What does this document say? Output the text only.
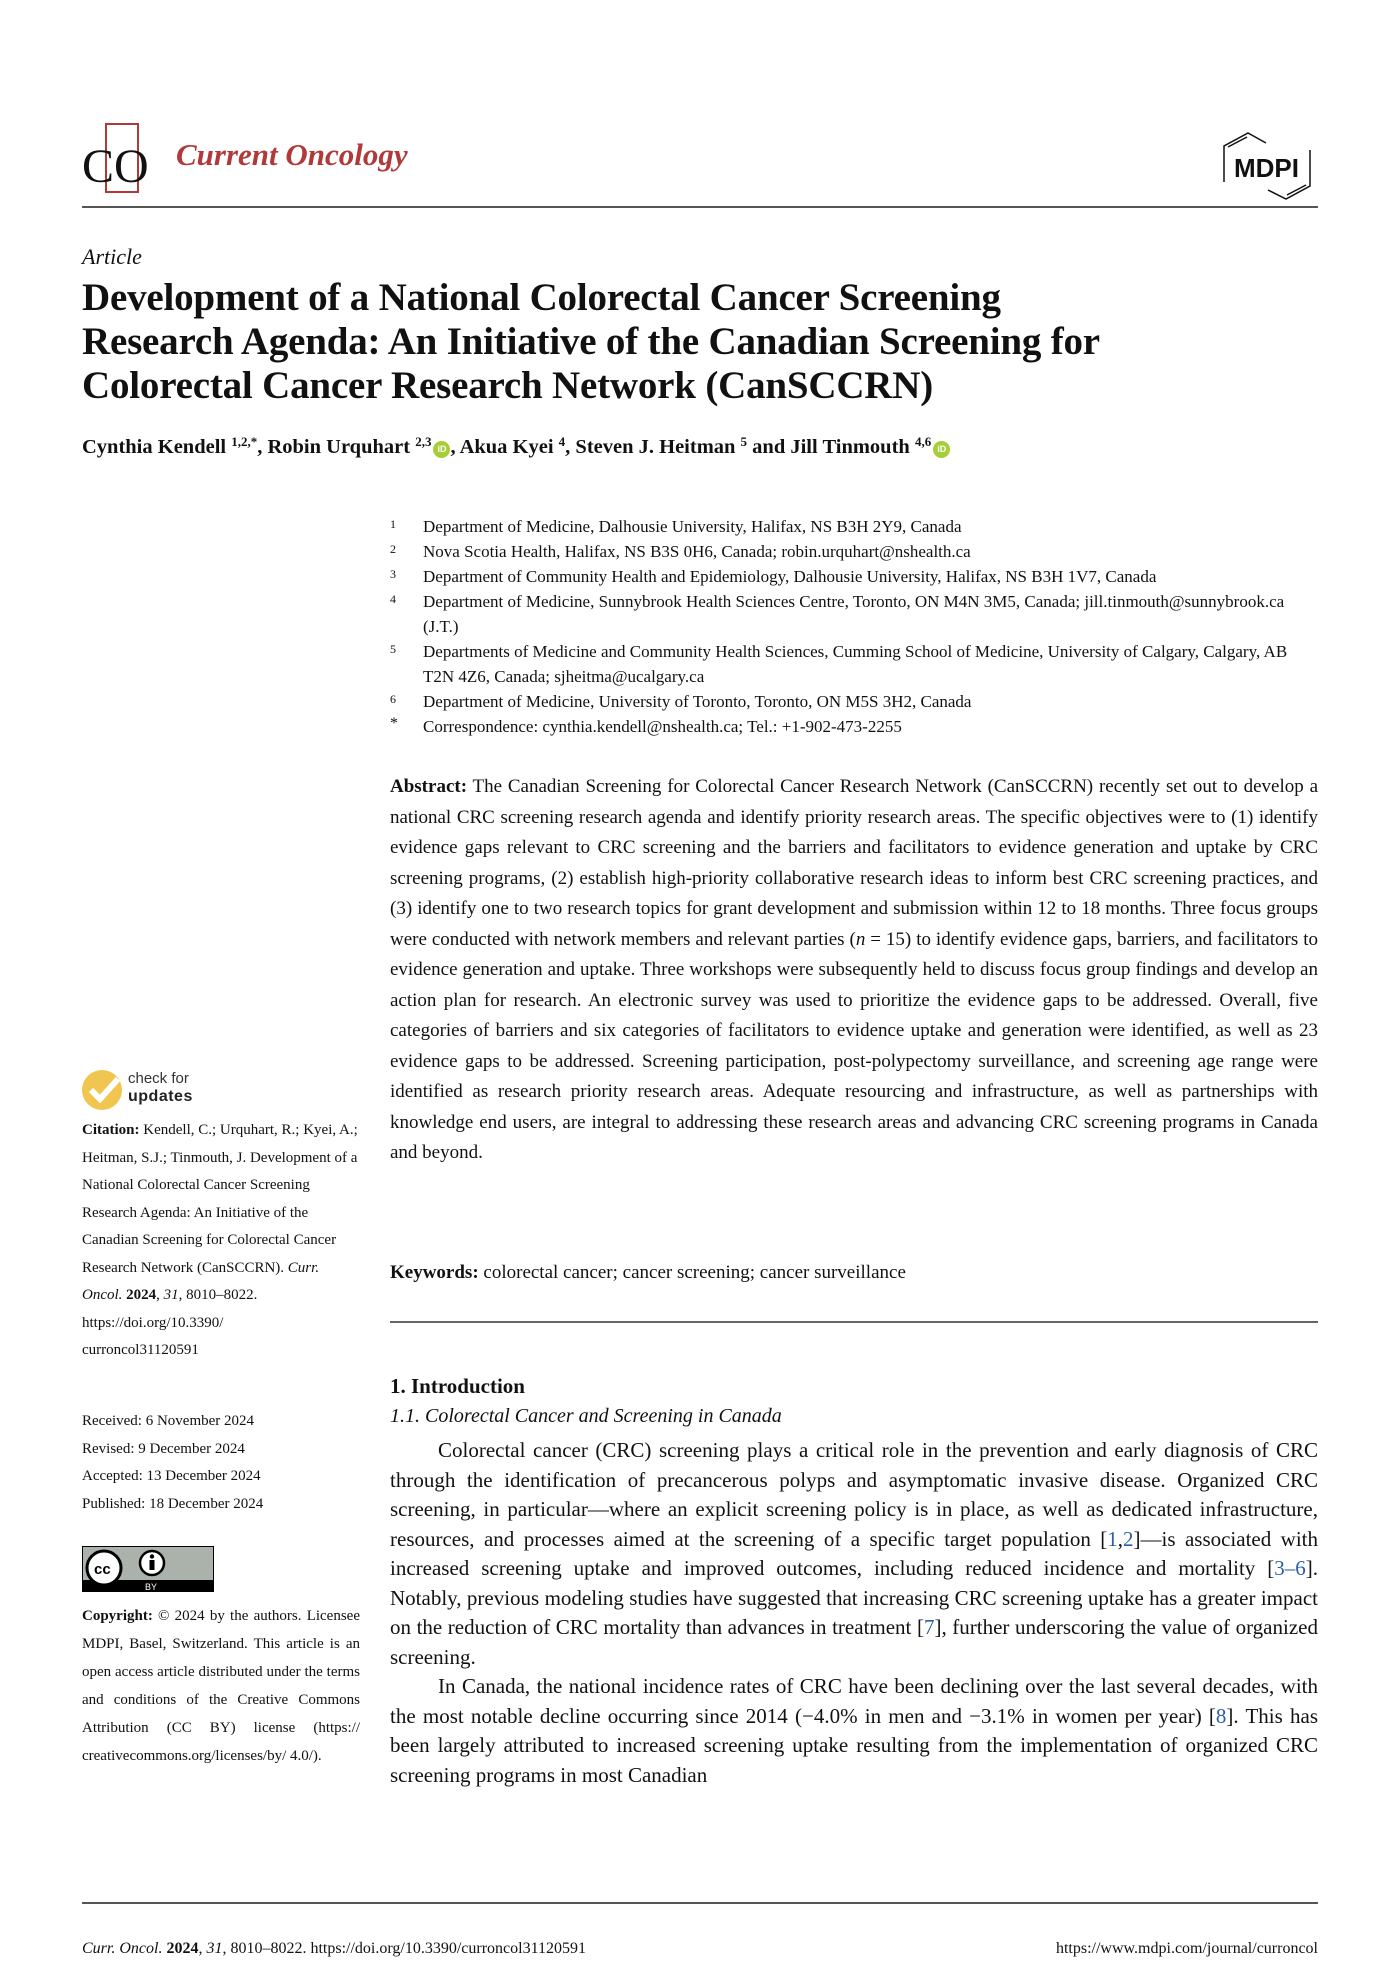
CO Current Oncology	MDPI
Article
Development of a National Colorectal Cancer Screening
Research Agenda: An Initiative of the Canadian Screening for
Colorectal Cancer Research Network (CanSCCRN)
Cynthia Kendell $^{1,2,*}$, Robin Urquhart $^{2,3}$ iD , Akua Kyei $^4$, Steven J. Heitman $^5$ and Jill Tinmouth $^{4,6}$ iD
1	Department of Medicine, Dalhousie University, Halifax, NS B3H 2Y9, Canada
2	Nova Scotia Health, Halifax, NS B3S 0H6, Canada; robin.urquhart@nshealth.ca
3	Department of Community Health and Epidemiology, Dalhousie University, Halifax, NS B3H 1V7, Canada
4	Department of Medicine, Sunnybrook Health Sciences Centre, Toronto, ON M4N 3M5, Canada; jill.tinmouth@sunnybrook.ca (J.T.)
5	Departments of Medicine and Community Health Sciences, Cumming School of Medicine, University of Calgary, Calgary, AB T2N 4Z6, Canada; sjheitma@ucalgary.ca
6	Department of Medicine, University of Toronto, Toronto, ON M5S 3H2, Canada
*	Correspondence: cynthia.kendell@nshealth.ca; Tel.: +1-902-473-2255
Abstract: The Canadian Screening for Colorectal Cancer Research Network (CanSCCRN) recently set out to develop a national CRC screening research agenda and identify priority research areas. The specific objectives were to (1) identify evidence gaps relevant to CRC screening and the barriers and facilitators to evidence generation and uptake by CRC screening programs, (2) establish high-priority collaborative research ideas to inform best CRC screening practices, and (3) identify one to two research topics for grant development and submission within 12 to 18 months. Three focus groups were conducted with network members and relevant parties (n = 15) to identify evidence gaps, barriers, and facilitators to evidence generation and uptake. Three workshops were subsequently held to discuss focus group findings and develop an action plan for research. An electronic survey was used to prioritize the evidence gaps to be addressed. Overall, five categories of barriers and six categories of facilitators to evidence uptake and generation were identified, as well as 23 evidence gaps to be addressed. Screening participation, post-polypectomy surveillance, and screening age range were identified as research priority research areas. Adequate resourcing and infrastructure, as well as partnerships with knowledge end users, are integral to addressing these research areas and advancing CRC screening programs in Canada and beyond.
Keywords: colorectal cancer; cancer screening; cancer surveillance
1. Introduction
1.1. Colorectal Cancer and Screening in Canada

Colorectal cancer (CRC) screening plays a critical role in the prevention and early diagnosis of CRC through the identification of precancerous polyps and asymptomatic invasive disease. Organized CRC screening, in particular—where an explicit screening policy is in place, as well as dedicated infrastructure, resources, and processes aimed at the screening of a specific target population [1,2]—is associated with increased screening uptake and improved outcomes, including reduced incidence and mortality [3–6]. Notably, previous modeling studies have suggested that increasing CRC screening uptake has a greater impact on the reduction of CRC mortality than advances in treatment [7], further underscoring the value of organized screening.

In Canada, the national incidence rates of CRC have been declining over the last several decades, with the most notable decline occurring since 2014 (−4.0% in men and −3.1% in women per year) [8]. This has been largely attributed to increased screening uptake resulting from the implementation of organized CRC screening programs in most Canadian

check for
updates
Citation: Kendell, C.; Urquhart, R.; Kyei, A.; Heitman, S.J.; Tinmouth, J. Development of a National Colorectal Cancer Screening Research Agenda: An Initiative of the Canadian Screening for Colorectal Cancer Research Network (CanSCCRN). Curr. Oncol. 2024, 31, 8010–8022.
https://doi.org/10.3390/
curroncol31120591
Received: 6 November 2024
Revised: 9 December 2024
Accepted: 13 December 2024
Published: 18 December 2024
cc
BY
Copyright: © 2024 by the authors. Licensee MDPI, Basel, Switzerland. This article is an open access article distributed under the terms and conditions of the Creative Commons Attribution (CC BY) license (https:// creativecommons.org/licenses/by/ 4.0/).
Curr. Oncol. 2024, 31, 8010–8022. https://doi.org/10.3390/curroncol31120591	https://www.mdpi.com/journal/curroncol
